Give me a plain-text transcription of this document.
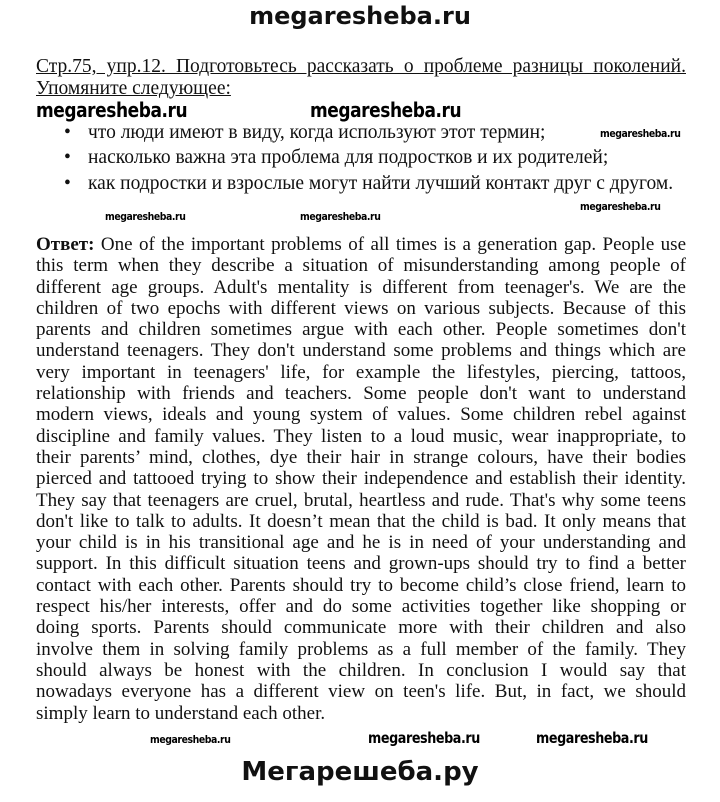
megaresheba.ru
Стр.75, упр.12. Подготовьтесь рассказать о проблеме разницы поколений.
Упомяните следующее:
• что люди имеют в виду, когда используют этот термин;
• насколько важна эта проблема для подростков и их родителей;
• как подростки и взрослые могут найти лучший контакт друг с другом.
Ответ: One of the important problems of all times is a generation gap. People use
this term when they describe a situation of misunderstanding among people of
different age groups. Adult's mentality is different from teenager's. We are the
children of two epochs with different views on various subjects. Because of this
parents and children sometimes argue with each other. People sometimes don't
understand teenagers. They don't understand some problems and things which are
very important in teenagers' life, for example the lifestyles, piercing, tattoos,
relationship with friends and teachers. Some people don't want to understand
modern views, ideals and young system of values. Some children rebel against
discipline and family values. They listen to a loud music, wear inappropriate, to
their parents’ mind, clothes, dye their hair in strange colours, have their bodies
pierced and tattooed trying to show their independence and establish their identity.
They say that teenagers are cruel, brutal, heartless and rude. That's why some teens
don't like to talk to adults. It doesn’t mean that the child is bad. It only means that
your child is in his transitional age and he is in need of your understanding and
support. In this difficult situation teens and grown-ups should try to find a better
contact with each other. Parents should try to become child’s close friend, learn to
respect his/her interests, offer and do some activities together like shopping or
doing sports. Parents should communicate more with their children and also
involve them in solving family problems as a full member of the family. They
should always be honest with the children. In conclusion I would say that
nowadays everyone has a different view on teen's life. But, in fact, we should
simply learn to understand each other.
megaresheba.ru	megaresheba.ru
megaresheba.ru
megaresheba.ru
megaresheba.ru	megaresheba.ru
megaresheba.ru	megaresheba.ru	megaresheba.ru
Мегарешеба.ру
